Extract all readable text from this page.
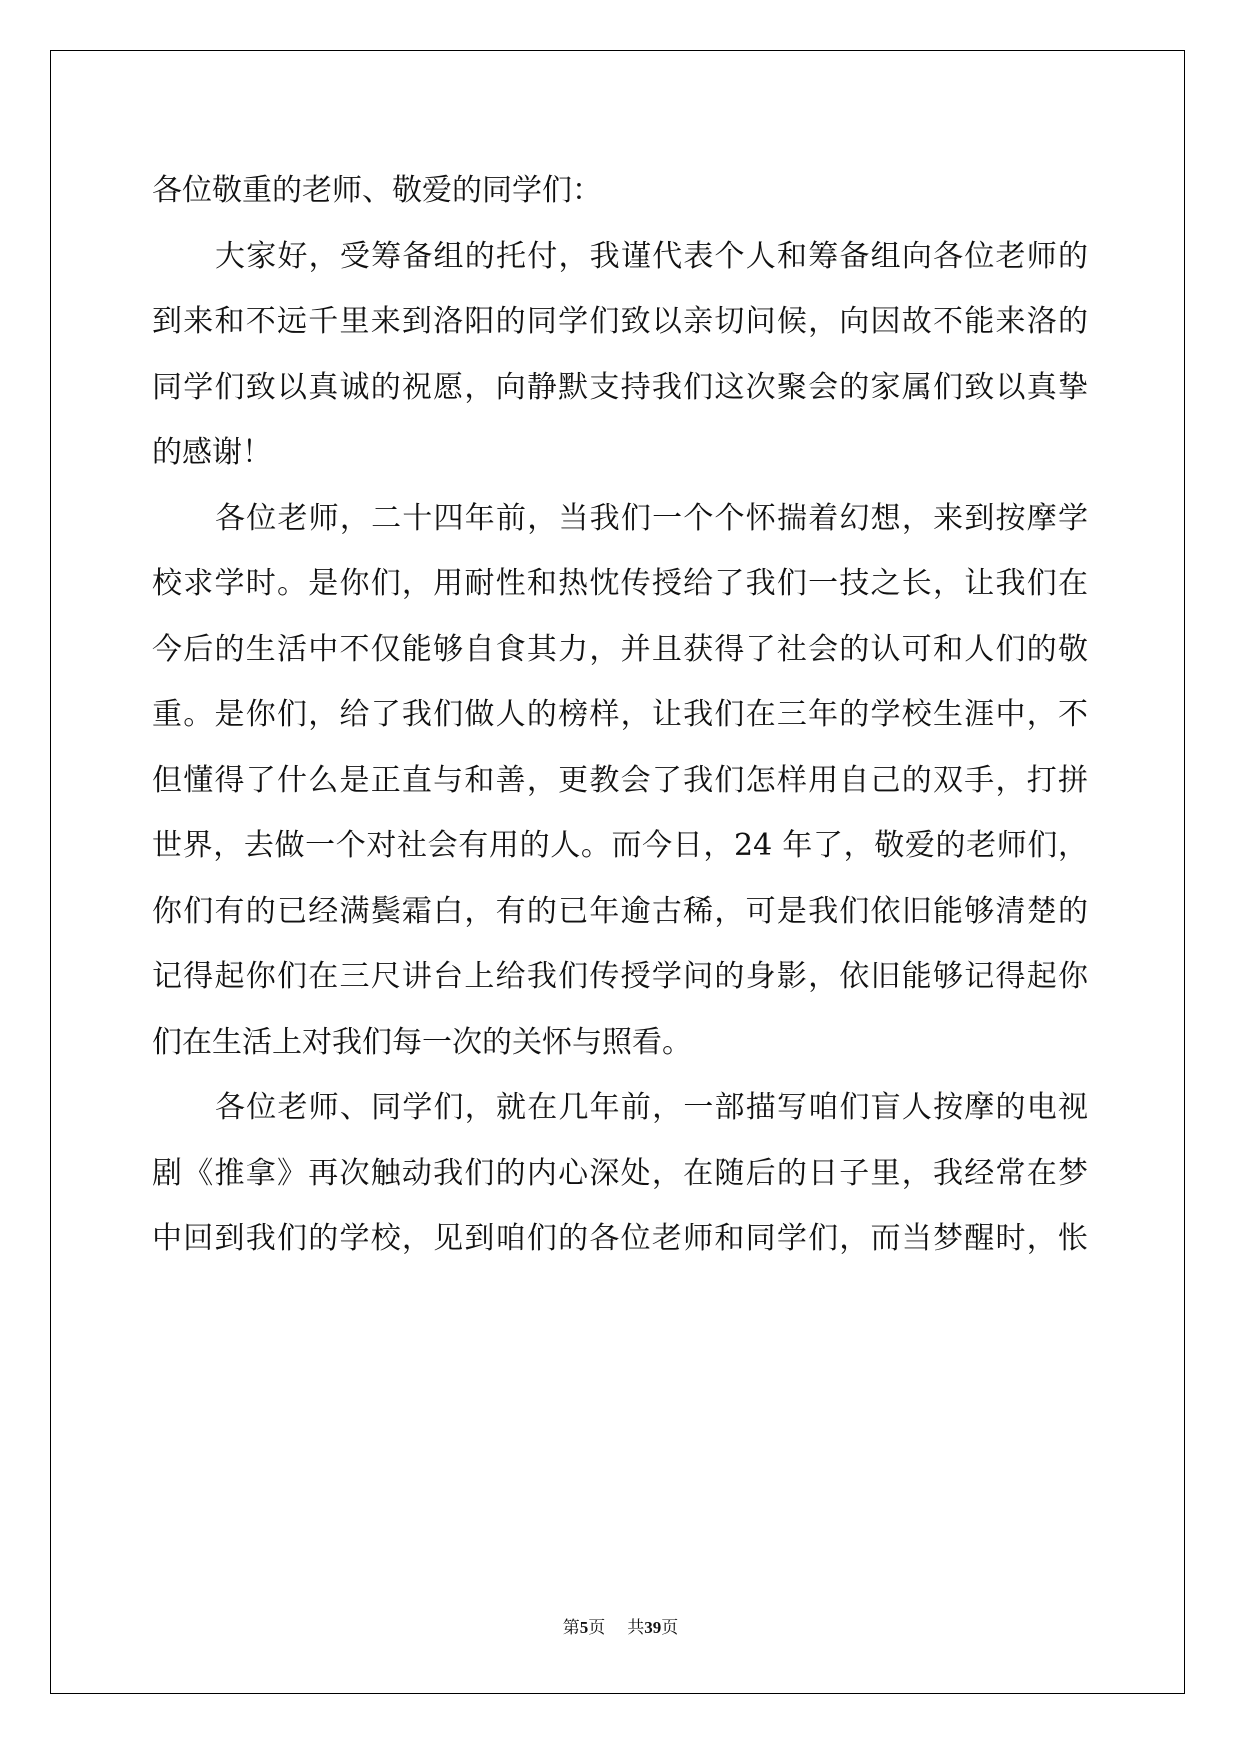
各位敬重的老师、敬爱的同学们：
大家好，受筹备组的托付，我谨代表个人和筹备组向各位老师的
到来和不远千里来到洛阳的同学们致以亲切问候，向因故不能来洛的
同学们致以真诚的祝愿，向静默支持我们这次聚会的家属们致以真挚
的感谢！
各位老师，二十四年前，当我们一个个怀揣着幻想，来到按摩学
校求学时。是你们，用耐性和热忱传授给了我们一技之长，让我们在
今后的生活中不仅能够自食其力，并且获得了社会的认可和人们的敬
重。是你们，给了我们做人的榜样，让我们在三年的学校生涯中，不
但懂得了什么是正直与和善，更教会了我们怎样用自己的双手，打拼
世界，去做一个对社会有用的人。而今日，24 年了，敬爱的老师们，
你们有的已经满鬓霜白，有的已年逾古稀，可是我们依旧能够清楚的
记得起你们在三尺讲台上给我们传授学问的身影，依旧能够记得起你
们在生活上对我们每一次的关怀与照看。
各位老师、同学们，就在几年前，一部描写咱们盲人按摩的电视
剧《推拿》再次触动我们的内心深处，在随后的日子里，我经常在梦
中回到我们的学校，见到咱们的各位老师和同学们，而当梦醒时，怅
第5页 共39页
